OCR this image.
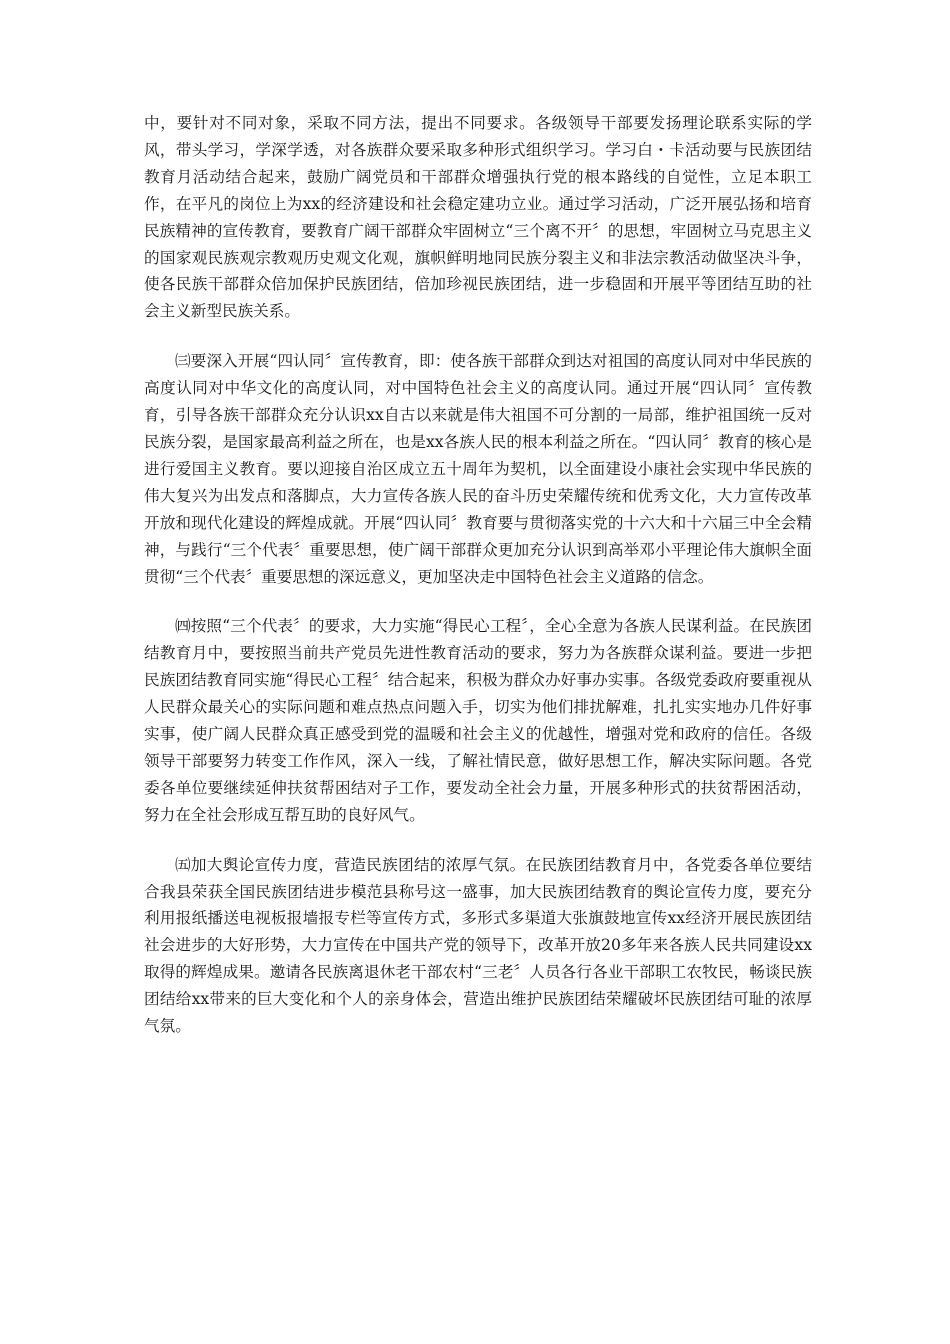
中，要针对不同对象，采取不同方法，提出不同要求。各级领导干部要发扬理论联系实际的学风，带头学习，学深学透，对各族群众要采取多种形式组织学习。学习白・卡活动要与民族团结教育月活动结合起来，鼓励广阔党员和干部群众增强执行党的根本路线的自觉性，立足本职工作，在平凡的岗位上为xx的经济建设和社会稳定建功立业。通过学习活动，广泛开展弘扬和培育民族精神的宣传教育，要教育广阔干部群众牢固树立“三个离不开〞的思想，牢固树立马克思主义的国家观民族观宗教观历史观文化观，旗帜鲜明地同民族分裂主义和非法宗教活动做坚决斗争，使各民族干部群众倍加保护民族团结，倍加珍视民族团结，进一步稳固和开展平等团结互助的社会主义新型民族关系。

㈢要深入开展“四认同〞宣传教育，即：使各族干部群众到达对祖国的高度认同对中华民族的高度认同对中华文化的高度认同，对中国特色社会主义的高度认同。通过开展“四认同〞宣传教育，引导各族干部群众充分认识xx自古以来就是伟大祖国不可分割的一局部，维护祖国统一反对民族分裂，是国家最高利益之所在，也是xx各族人民的根本利益之所在。“四认同〞教育的核心是进行爱国主义教育。要以迎接自治区成立五十周年为契机，以全面建设小康社会实现中华民族的伟大复兴为出发点和落脚点，大力宣传各族人民的奋斗历史荣耀传统和优秀文化，大力宣传改革开放和现代化建设的辉煌成就。开展“四认同〞教育要与贯彻落实党的十六大和十六届三中全会精神，与践行“三个代表〞重要思想，使广阔干部群众更加充分认识到高举邓小平理论伟大旗帜全面贯彻“三个代表〞重要思想的深远意义，更加坚决走中国特色社会主义道路的信念。

㈣按照“三个代表〞的要求，大力实施“得民心工程〞，全心全意为各族人民谋利益。在民族团结教育月中，要按照当前共产党员先进性教育活动的要求，努力为各族群众谋利益。要进一步把民族团结教育同实施“得民心工程〞结合起来，积极为群众办好事办实事。各级党委政府要重视从人民群众最关心的实际问题和难点热点问题入手，切实为他们排扰解难，扎扎实实地办几件好事实事，使广阔人民群众真正感受到党的温暖和社会主义的优越性，增强对党和政府的信任。各级领导干部要努力转变工作作风，深入一线，了解社情民意，做好思想工作，解决实际问题。各党委各单位要继续延伸扶贫帮困结对子工作，要发动全社会力量，开展多种形式的扶贫帮困活动，努力在全社会形成互帮互助的良好风气。

㈤加大舆论宣传力度，营造民族团结的浓厚气氛。在民族团结教育月中，各党委各单位要结合我县荣获全国民族团结进步模范县称号这一盛事，加大民族团结教育的舆论宣传力度，要充分利用报纸播送电视板报墙报专栏等宣传方式，多形式多渠道大张旗鼓地宣传xx经济开展民族团结社会进步的大好形势，大力宣传在中国共产党的领导下，改革开放20多年来各族人民共同建设xx取得的辉煌成果。邀请各民族离退休老干部农村“三老〞人员各行各业干部职工农牧民，畅谈民族团结给xx带来的巨大变化和个人的亲身体会，营造出维护民族团结荣耀破坏民族团结可耻的浓厚气氛。
